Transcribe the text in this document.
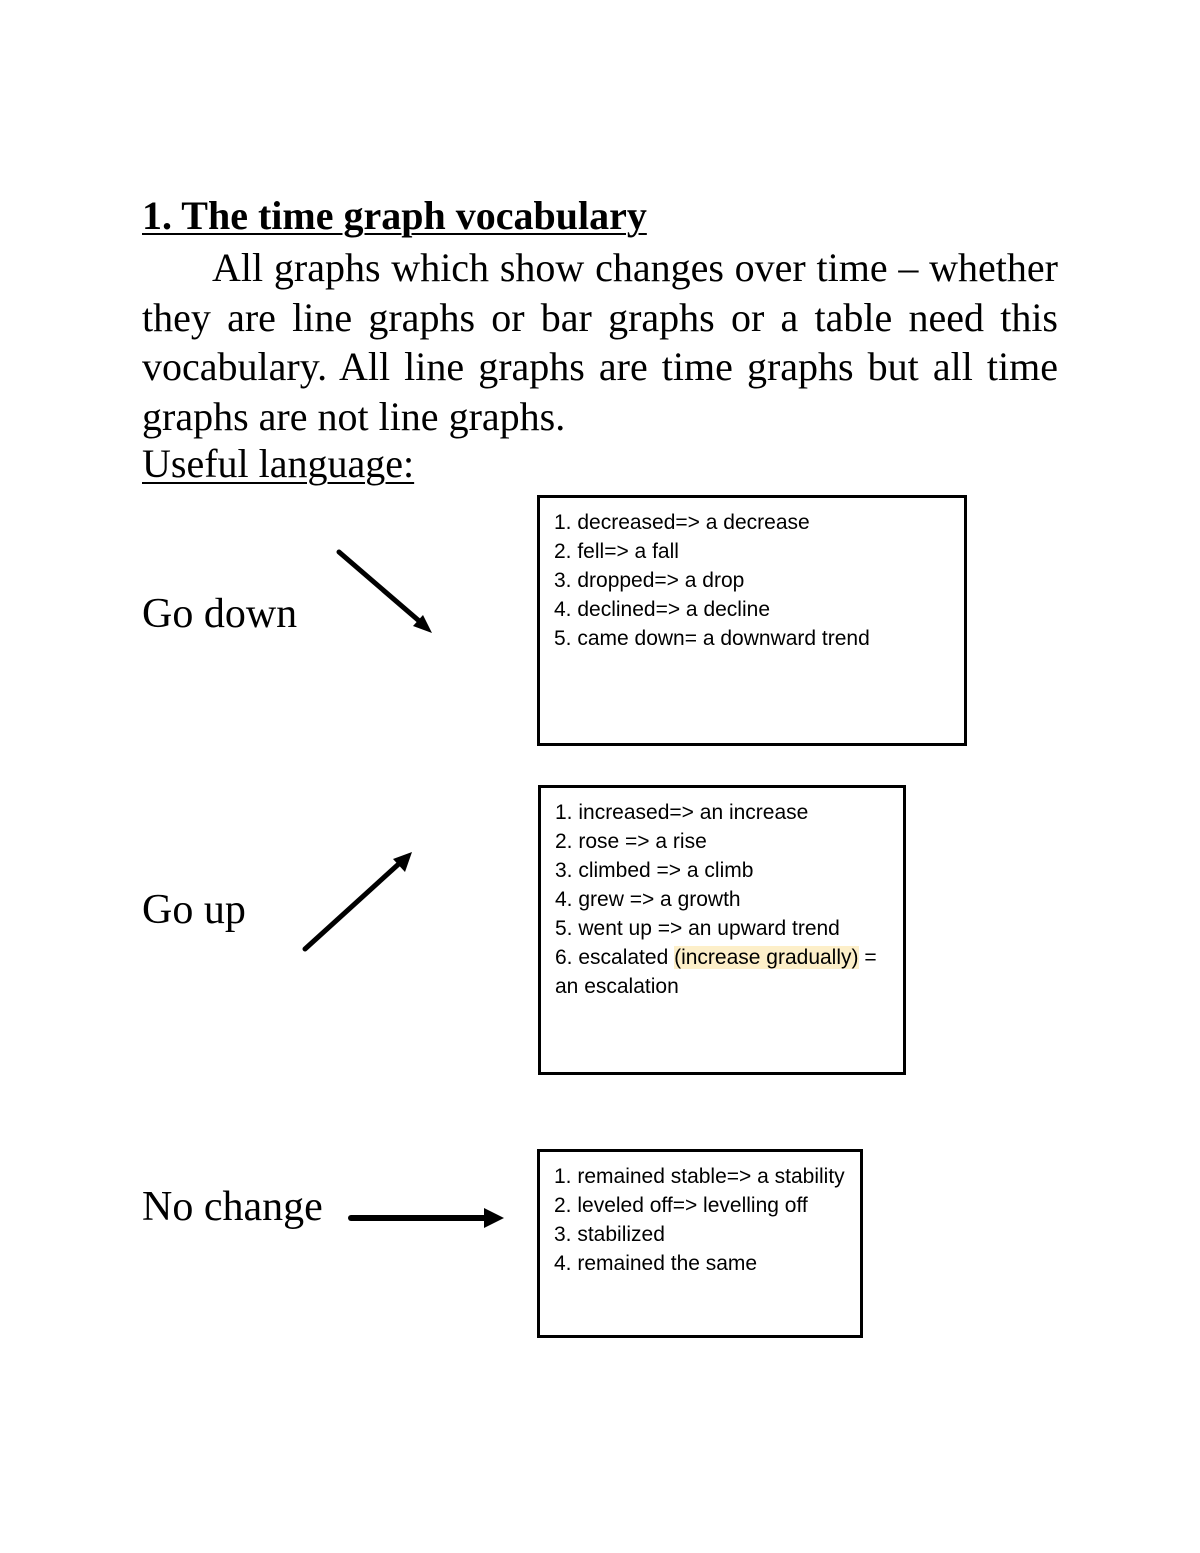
1. The time graph vocabulary

All graphs which show changes over time – whether they are line graphs or bar graphs or a table need this vocabulary. All line graphs are time graphs but all time graphs are not line graphs.

Useful language:
Go down
1. decreased=> a decrease
2. fell=> a fall
3. dropped=> a drop
4. declined=> a decline
5. came down= a downward trend
Go up
1. increased=> an increase
2. rose => a rise
3. climbed => a climb
4. grew => a growth
5. went up => an upward trend
6. escalated (increase gradually) = an escalation
No change
1. remained stable=> a stability
2. leveled off=> levelling off
3. stabilized
4. remained the same
